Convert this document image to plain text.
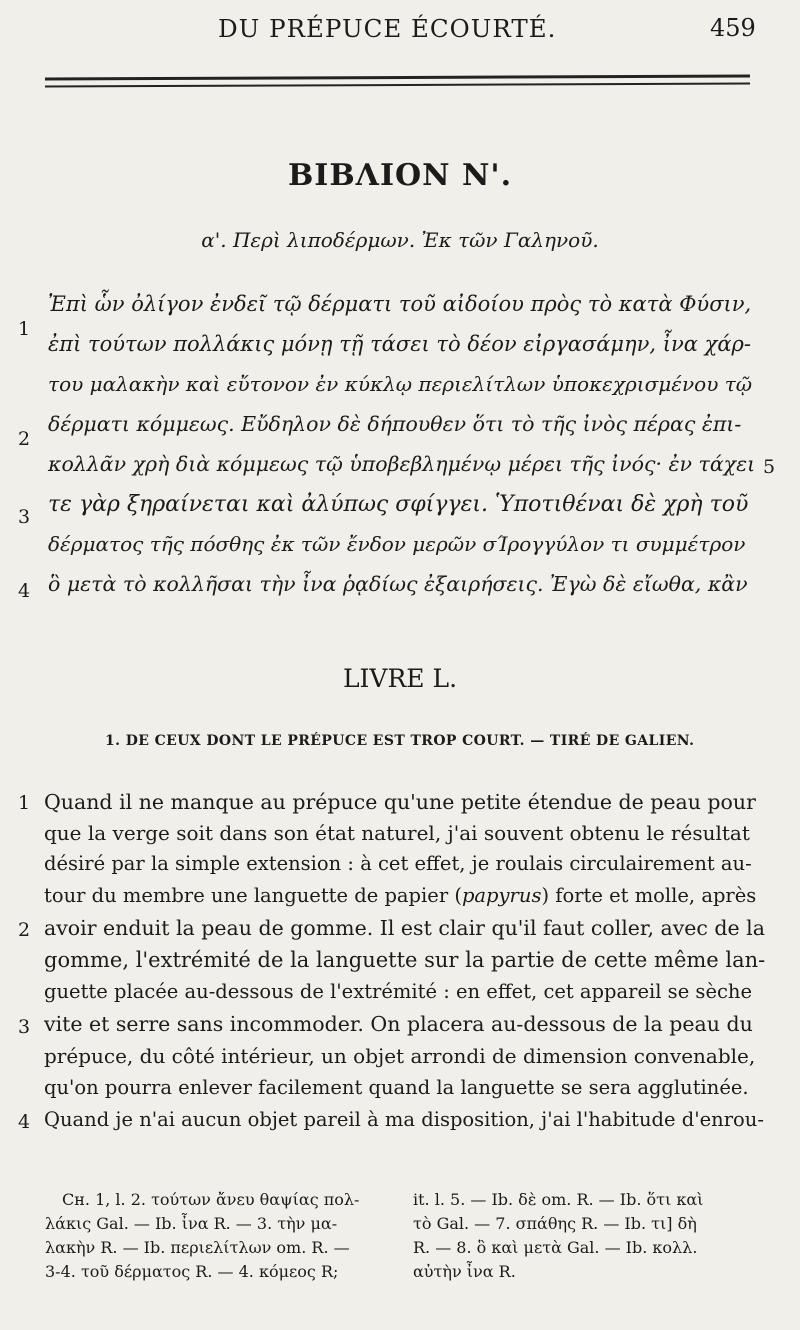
DU PRÉPUCE ÉCOURTÉ.	459
ΒΙΒΛΙΟΝ Ν'.
α'. Περὶ λιποδέρμων. Ἐκ τῶν Γαληνοῦ.
Ἐπὶ ὧν ὀλίγον ἐνδεῖ τῷ δέρματι τοῦ αἰδοίου πρὸς τὸ κατὰ Φύσιν,
ἐπὶ τούτων πολλάκις μόνῃ τῇ τάσει τὸ δέον εἰργασάμην, ἶνα χάρ-
του μαλακὴν καὶ εὔτονον ἐν κύκλῳ περιελίτλων ὑποκεχρισμένου τῷ
δέρματι κόμμεως. Εὔδηλον δὲ δήπουθεν ὅτι τὸ τῆς ἰνὸς πέρας ἐπι-
κολλᾶν χρὴ διὰ κόμμεως τῷ ὑποβεβλημένῳ μέρει τῆς ἰνός· ἐν τάχει
τε γὰρ ξηραίνεται καὶ ἀλύπως σφίγγει. Ὑποτιθέναι δὲ χρὴ τοῦ
δέρματος τῆς πόσθης ἐκ τῶν ἔνδον μερῶν σΊρογγύλον τι συμμέτρον
ὃ μετὰ τὸ κολλῆσαι τὴν ἶνα ῥᾳδίως ἐξαιρήσεις. Ἐγὼ δὲ εἴωθα, κἂν
1
2
3
4
5
LIVRE L.
1. DE CEUX DONT LE PRÉPUCE EST TROP COURT. — TIRÉ DE GALIEN.
Quand il ne manque au prépuce qu'une petite étendue de peau pour
que la verge soit dans son état naturel, j'ai souvent obtenu le résultat
désiré par la simple extension : à cet effet, je roulais circulairement au-
tour du membre une languette de papier (papyrus) forte et molle, après
avoir enduit la peau de gomme. Il est clair qu'il faut coller, avec de la
gomme, l'extrémité de la languette sur la partie de cette même lan-
guette placée au-dessous de l'extrémité : en effet, cet appareil se sèche
vite et serre sans incommoder. On placera au-dessous de la peau du
prépuce, du côté intérieur, un objet arrondi de dimension convenable,
qu'on pourra enlever facilement quand la languette se sera agglutinée.
Quand je n'ai aucun objet pareil à ma disposition, j'ai l'habitude d'enrou-
1
2
3
4
Cʜ. 1, l. 2. τούτων ἄνευ θαψίας πολ-
λάκις Gal. — Ib. ἶνα R. — 3. τὴν μα-
λακὴν R. — Ib. περιελίτλων om. R. —
3-4. τοῦ δέρματος R. — 4. κόμεος R;
it. l. 5. — Ib. δὲ om. R. — Ib. ὅτι καὶ
τὸ Gal. — 7. σπάθης R. — Ib. τι] δὴ
R. — 8. ὃ καὶ μετὰ Gal. — Ib. κολλ.
αὐτὴν ἶνα R.
